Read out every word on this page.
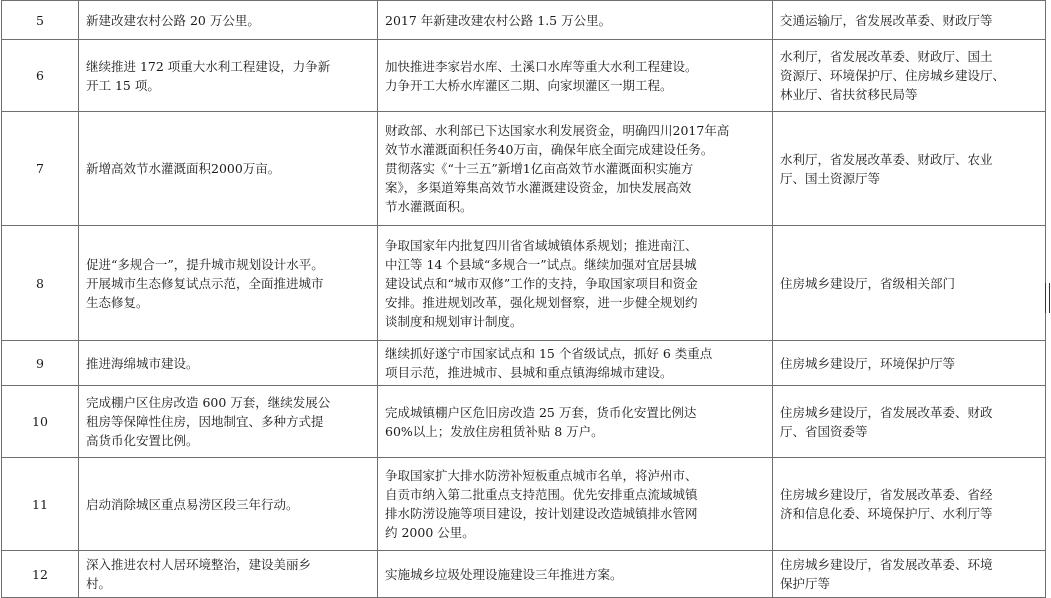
5	新建改建农村公路 20 万公里。	2017 年新建改建农村公路 1.5 万公里。	交通运输厅，省发展改革委、财政厅等
6	继续推进 172 项重大水利工程建设，力争新
开工 15 项。	加快推进李家岩水库、土溪口水库等重大水利工程建设。
力争开工大桥水库灌区二期、向家坝灌区一期工程。	水利厅，省发展改革委、财政厅、国土
资源厅、环境保护厅、住房城乡建设厅、
林业厅、省扶贫移民局等
7	新增高效节水灌溉面积2000万亩。	财政部、水利部已下达国家水利发展资金，明确四川2017年高
效节水灌溉面积任务40万亩，确保年底全面完成建设任务。
贯彻落实《“十三五”新增1亿亩高效节水灌溉面积实施方
案》，多渠道筹集高效节水灌溉建设资金，加快发展高效
节水灌溉面积。	水利厅，省发展改革委、财政厅、农业
厅、国土资源厅等
8	促进“多规合一”，提升城市规划设计水平。
开展城市生态修复试点示范，全面推进城市
生态修复。	争取国家年内批复四川省省域城镇体系规划；推进南江、
中江等 14 个县域“多规合一”试点。继续加强对宜居县城
建设试点和“城市双修”工作的支持，争取国家项目和资金
安排。推进规划改革，强化规划督察，进一步健全规划约
谈制度和规划审计制度。	住房城乡建设厅，省级相关部门
9	推进海绵城市建设。	继续抓好遂宁市国家试点和 15 个省级试点，抓好 6 类重点
项目示范，推进城市、县城和重点镇海绵城市建设。	住房城乡建设厅，环境保护厅等
10	完成棚户区住房改造 600 万套，继续发展公
租房等保障性住房，因地制宜、多种方式提
高货币化安置比例。	完成城镇棚户区危旧房改造 25 万套，货币化安置比例达
60%以上；发放住房租赁补贴 8 万户。	住房城乡建设厅，省发展改革委、财政
厅、省国资委等
11	启动消除城区重点易涝区段三年行动。	争取国家扩大排水防涝补短板重点城市名单，将泸州市、
自贡市纳入第二批重点支持范围。优先安排重点流域城镇
排水防涝设施等项目建设，按计划建设改造城镇排水管网
约 2000 公里。	住房城乡建设厅，省发展改革委、省经
济和信息化委、环境保护厅、水利厅等
12	深入推进农村人居环境整治，建设美丽乡
村。	实施城乡垃圾处理设施建设三年推进方案。	住房城乡建设厅，省发展改革委、环境
保护厅等
